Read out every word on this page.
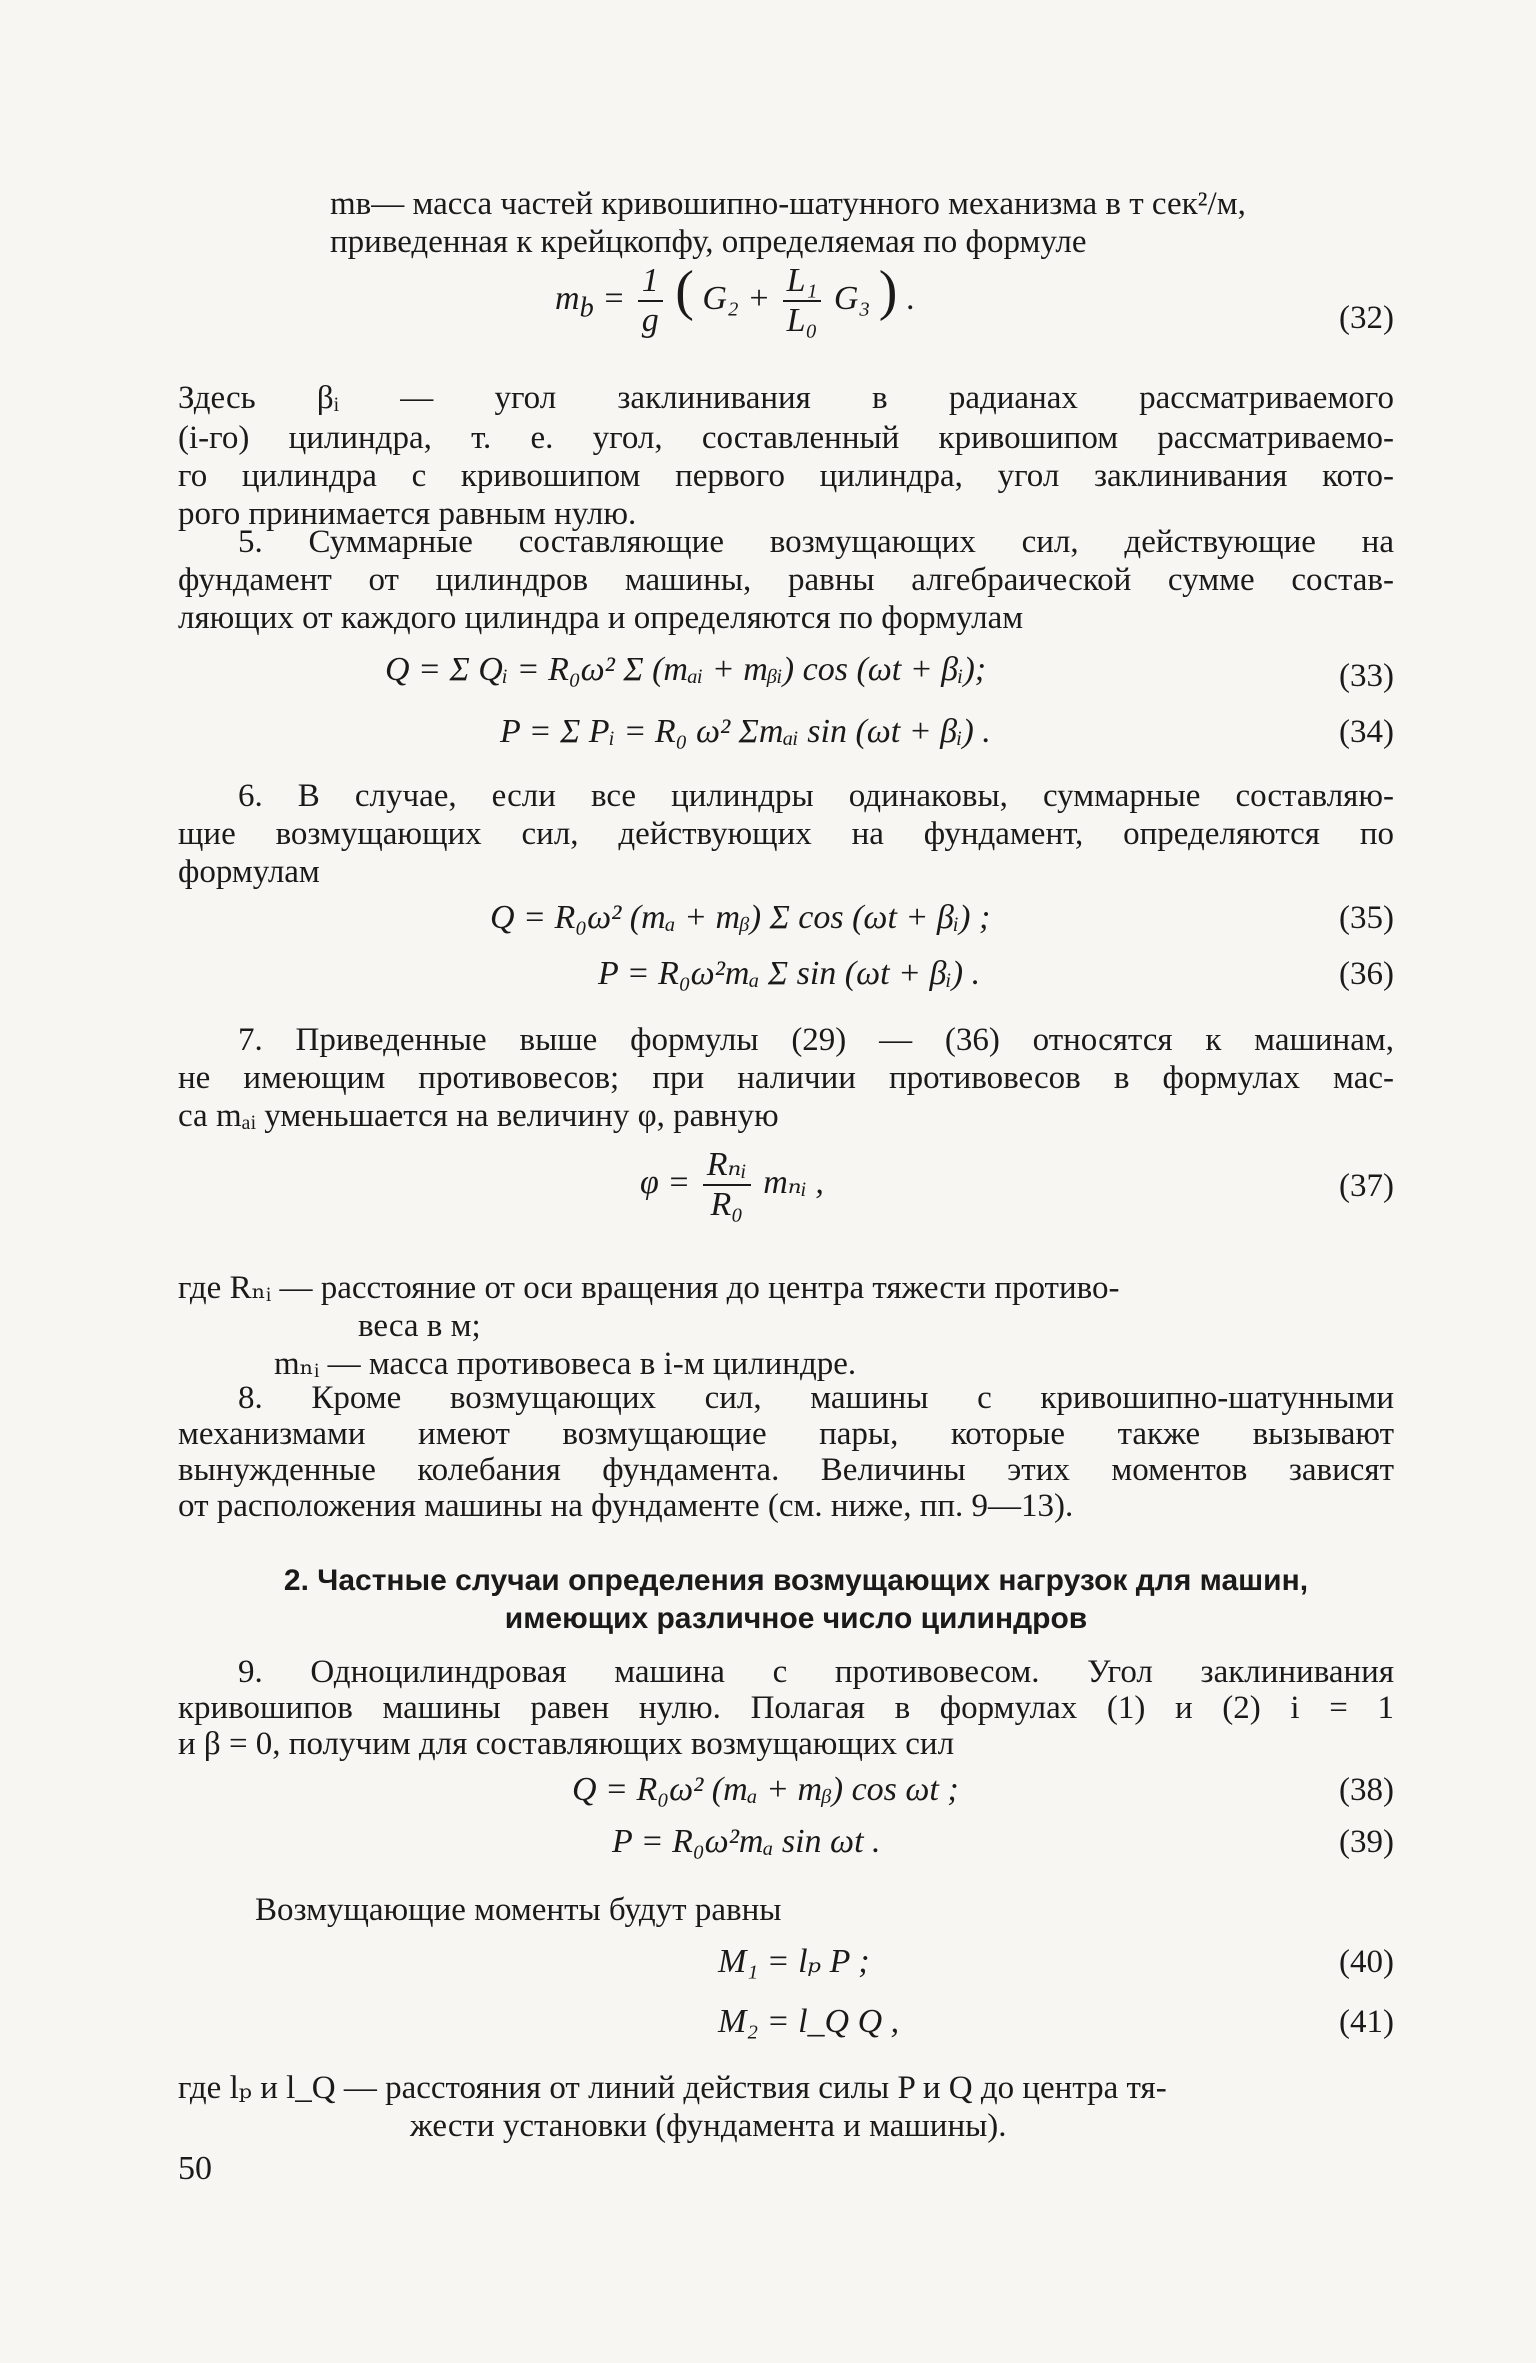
mв— масса частей кривошипно-шатунного механизма в т сек²/м,

приведенная к крейцкопфу, определяемая по формуле

$m_b = \frac{1}{g}$ ( $G_2 + \frac{\text{L₁}}{\text{L₀}} G_3$ ) .
(32)

Здесь βᵢ — угол заклинивания в радианах рассматриваемого

(i-го) цилиндра, т. е. угол, составленный кривошипом рассматриваемо-

го цилиндра с кривошипом первого цилиндра, угол заклинивания кото-

рого принимается равным нулю.

5. Суммарные составляющие возмущающих сил, действующие на

фундамент от цилиндров машины, равны алгебраической сумме состав-

ляющих от каждого цилиндра и определяются по формулам

Q = Σ Qᵢ = R₀ω² Σ (mₐᵢ + mᵦᵢ) cos (ωt + βᵢ);	(33)
P = Σ Pᵢ = R₀ ω² Σmₐᵢ sin (ωt + βᵢ) .	(34)

6. В случае, если все цилиндры одинаковы, суммарные составляю-

щие возмущающих сил, действующих на фундамент, определяются по

формулам

Q = R₀ω² (mₐ + mᵦ) Σ cos (ωt + βᵢ) ;	(35)
P = R₀ω²mₐ Σ sin (ωt + βᵢ) .	(36)

7. Приведенные выше формулы (29) — (36) относятся к машинам,

не имеющим противовесов; при наличии противовесов в формулах мас-

са mₐᵢ уменьшается на величину φ, равную

$\varphi = \frac{\text{Rₙᵢ}}{\text{R₀}}$ mₙᵢ ,	(37)

где Rₙᵢ — расстояние от оси вращения до центра тяжести противо-

веса в м;

mₙᵢ — масса противовеса в i-м цилиндре.

8. Кроме возмущающих сил, машины с кривошипно-шатунными

механизмами имеют возмущающие пары, которые также вызывают

вынужденные колебания фундамента. Величины этих моментов зависят

от расположения машины на фундаменте (см. ниже, пп. 9—13).

2. Частные случаи определения возмущающих нагрузок для машин,
имеющих различное число цилиндров

9. Одноцилиндровая машина с противовесом. Угол заклинивания

кривошипов машины равен нулю. Полагая в формулах (1) и (2) i = 1

и β = 0, получим для составляющих возмущающих сил

Q = R₀ω² (mₐ + mᵦ) cos ωt ;	(38)
P = R₀ω²mₐ sin ωt .	(39)

Возмущающие моменты будут равны

M₁ = lₚ P ;	(40)
M₂ = l_Q Q ,	(41)

где lₚ и l_Q — расстояния от линий действия силы P и Q до центра тя-

жести установки (фундамента и машины).

50
